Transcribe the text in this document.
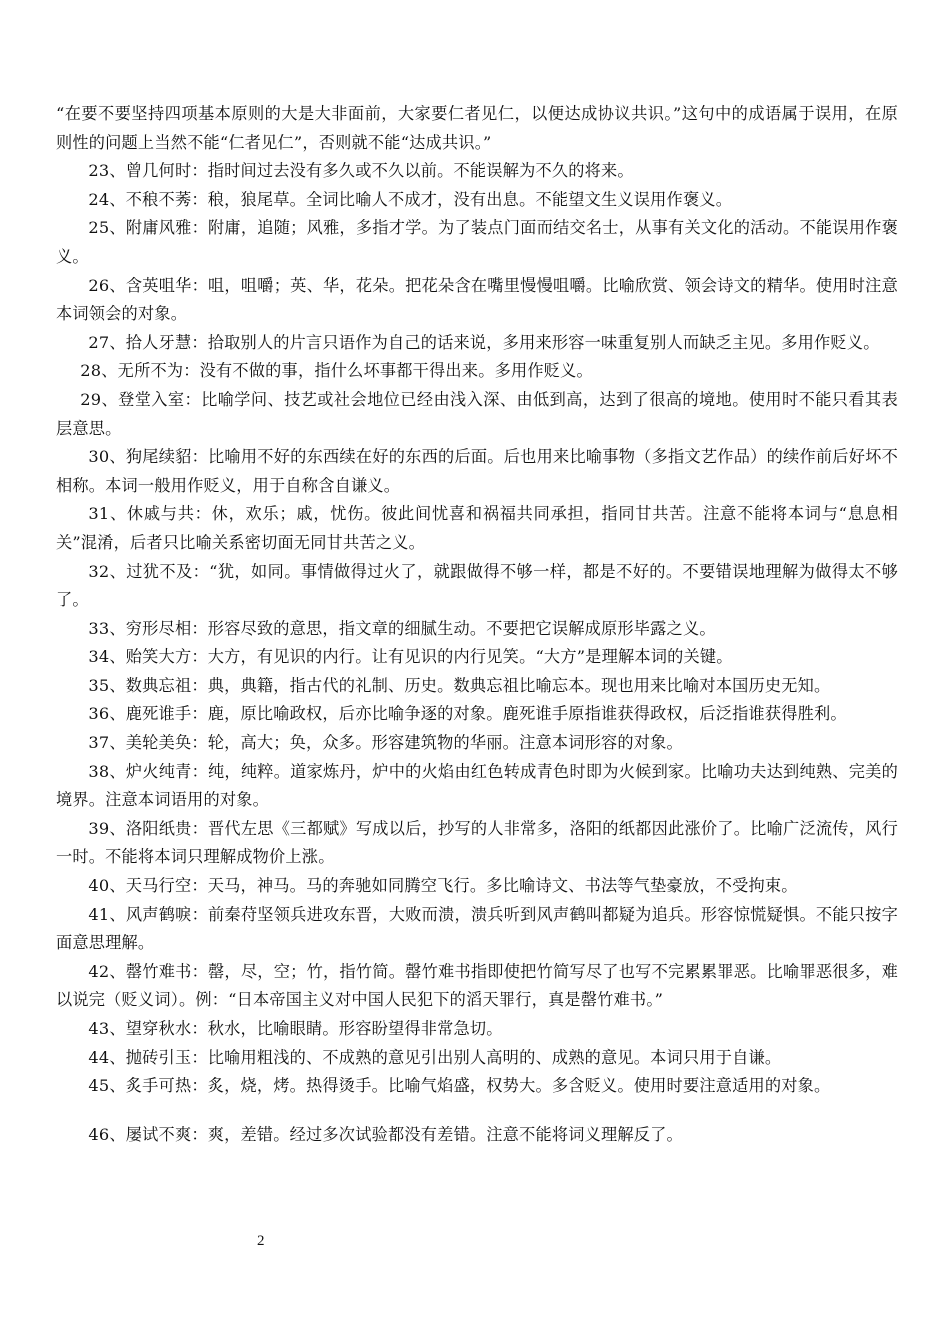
“在要不要坚持四项基本原则的大是大非面前，大家要仁者见仁，以便达成协议共识。”这句中的成语属于误用，在原则性的问题上当然不能“仁者见仁”，否则就不能“达成共识。”

23、曾几何时：指时间过去没有多久或不久以前。不能误解为不久的将来。

24、不稂不莠：稂，狼尾草。全词比喻人不成才，没有出息。不能望文生义误用作褒义。

25、附庸风雅：附庸，追随；风雅，多指才学。为了装点门面而结交名士，从事有关文化的活动。不能误用作褒义。

26、含英咀华：咀，咀嚼；英、华，花朵。把花朵含在嘴里慢慢咀嚼。比喻欣赏、领会诗文的精华。使用时注意本词领会的对象。

27、拾人牙慧：拾取别人的片言只语作为自己的话来说，多用来形容一味重复别人而缺乏主见。多用作贬义。

28、无所不为：没有不做的事，指什么坏事都干得出来。多用作贬义。

29、登堂入室：比喻学问、技艺或社会地位已经由浅入深、由低到高，达到了很高的境地。使用时不能只看其表层意思。

30、狗尾续貂：比喻用不好的东西续在好的东西的后面。后也用来比喻事物（多指文艺作品）的续作前后好坏不相称。本词一般用作贬义，用于自称含自谦义。

31、休戚与共：休，欢乐；戚，忧伤。彼此间忧喜和祸福共同承担，指同甘共苦。注意不能将本词与“息息相关”混淆，后者只比喻关系密切面无同甘共苦之义。

32、过犹不及：“犹，如同。事情做得过火了，就跟做得不够一样，都是不好的。不要错误地理解为做得太不够了。

33、穷形尽相：形容尽致的意思，指文章的细腻生动。不要把它误解成原形毕露之义。

34、贻笑大方：大方，有见识的内行。让有见识的内行见笑。“大方”是理解本词的关键。

35、数典忘祖：典，典籍，指古代的礼制、历史。数典忘祖比喻忘本。现也用来比喻对本国历史无知。

36、鹿死谁手：鹿，原比喻政权，后亦比喻争逐的对象。鹿死谁手原指谁获得政权，后泛指谁获得胜利。

37、美轮美奂：轮，高大；奂，众多。形容建筑物的华丽。注意本词形容的对象。

38、炉火纯青：纯，纯粹。道家炼丹，炉中的火焰由红色转成青色时即为火候到家。比喻功夫达到纯熟、完美的境界。注意本词语用的对象。

39、洛阳纸贵：晋代左思《三都赋》写成以后，抄写的人非常多，洛阳的纸都因此涨价了。比喻广泛流传，风行一时。不能将本词只理解成物价上涨。

40、天马行空：天马，神马。马的奔驰如同腾空飞行。多比喻诗文、书法等气垫豪放，不受拘束。

41、风声鹤唳：前秦苻坚领兵进攻东晋，大败而溃，溃兵听到风声鹤叫都疑为追兵。形容惊慌疑惧。不能只按字面意思理解。

42、罄竹难书：罄，尽，空；竹，指竹简。罄竹难书指即使把竹简写尽了也写不完累累罪恶。比喻罪恶很多，难以说完（贬义词）。例：“日本帝国主义对中国人民犯下的滔天罪行，真是罄竹难书。”

43、望穿秋水：秋水，比喻眼睛。形容盼望得非常急切。

44、抛砖引玉：比喻用粗浅的、不成熟的意见引出别人高明的、成熟的意见。本词只用于自谦。

45、炙手可热：炙，烧，烤。热得烫手。比喻气焰盛，权势大。多含贬义。使用时要注意适用的对象。

46、屡试不爽：爽，差错。经过多次试验都没有差错。注意不能将词义理解反了。

2
